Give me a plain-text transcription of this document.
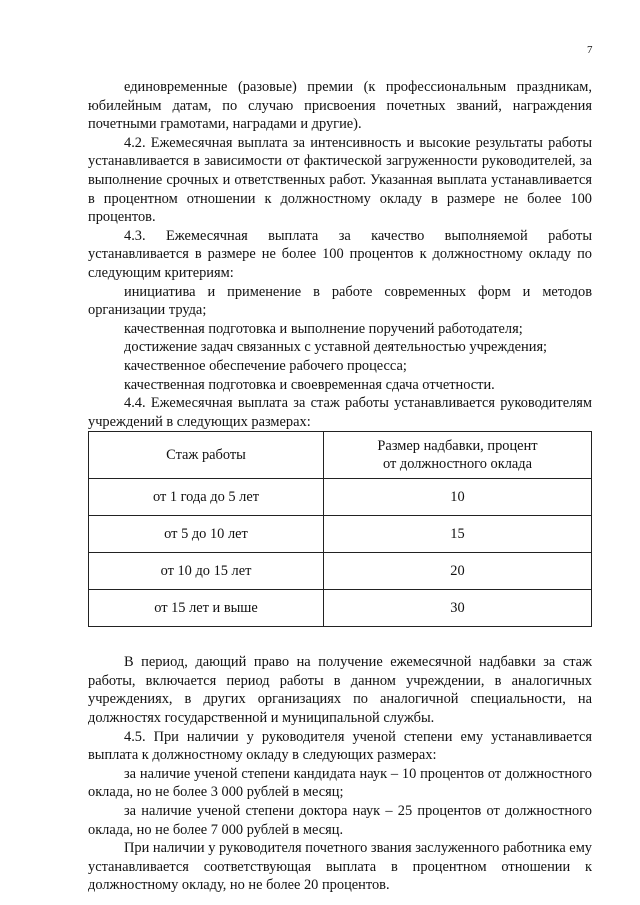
7

единовременные (разовые) премии (к профессиональным праздникам, юбилейным датам, по случаю присвоения почетных званий, награждения почетными грамотами, наградами и другие).

4.2. Ежемесячная выплата за интенсивность и высокие результаты работы устанавливается в зависимости от фактической загруженности руководителей, за выполнение срочных и ответственных работ. Указанная выплата устанавливается в процентном отношении к должностному окладу в размере не более 100 процентов.

4.3. Ежемесячная выплата за качество выполняемой работы устанавливается в размере не более 100 процентов к должностному окладу по следующим критериям:

инициатива и применение в работе современных форм и методов организации труда;

качественная подготовка и выполнение поручений работодателя;

достижение задач связанных с уставной деятельностью учреждения;

качественное обеспечение рабочего процесса;

качественная подготовка и своевременная сдача отчетности.

4.4. Ежемесячная выплата за стаж работы устанавливается руководителям учреждений в следующих размерах:

Стаж работы	Размер надбавки, процент
от должностного оклада
от 1 года до 5 лет	10
от 5 до 10 лет	15
от 10 до 15 лет	20
от 15 лет и выше	30

В период, дающий право на получение ежемесячной надбавки за стаж работы, включается период работы в данном учреждении, в аналогичных учреждениях, в других организациях по аналогичной специальности, на должностях государственной и муниципальной службы.

4.5. При наличии у руководителя ученой степени ему устанавливается выплата к должностному окладу в следующих размерах:

за наличие ученой степени кандидата наук – 10 процентов от должностного оклада, но не более 3 000 рублей в месяц;

за наличие ученой степени доктора наук – 25 процентов от должностного оклада, но не более 7 000 рублей в месяц.

При наличии у руководителя почетного звания заслуженного работника ему устанавливается соответствующая выплата в процентном отношении к должностному окладу, но не более 20 процентов.
